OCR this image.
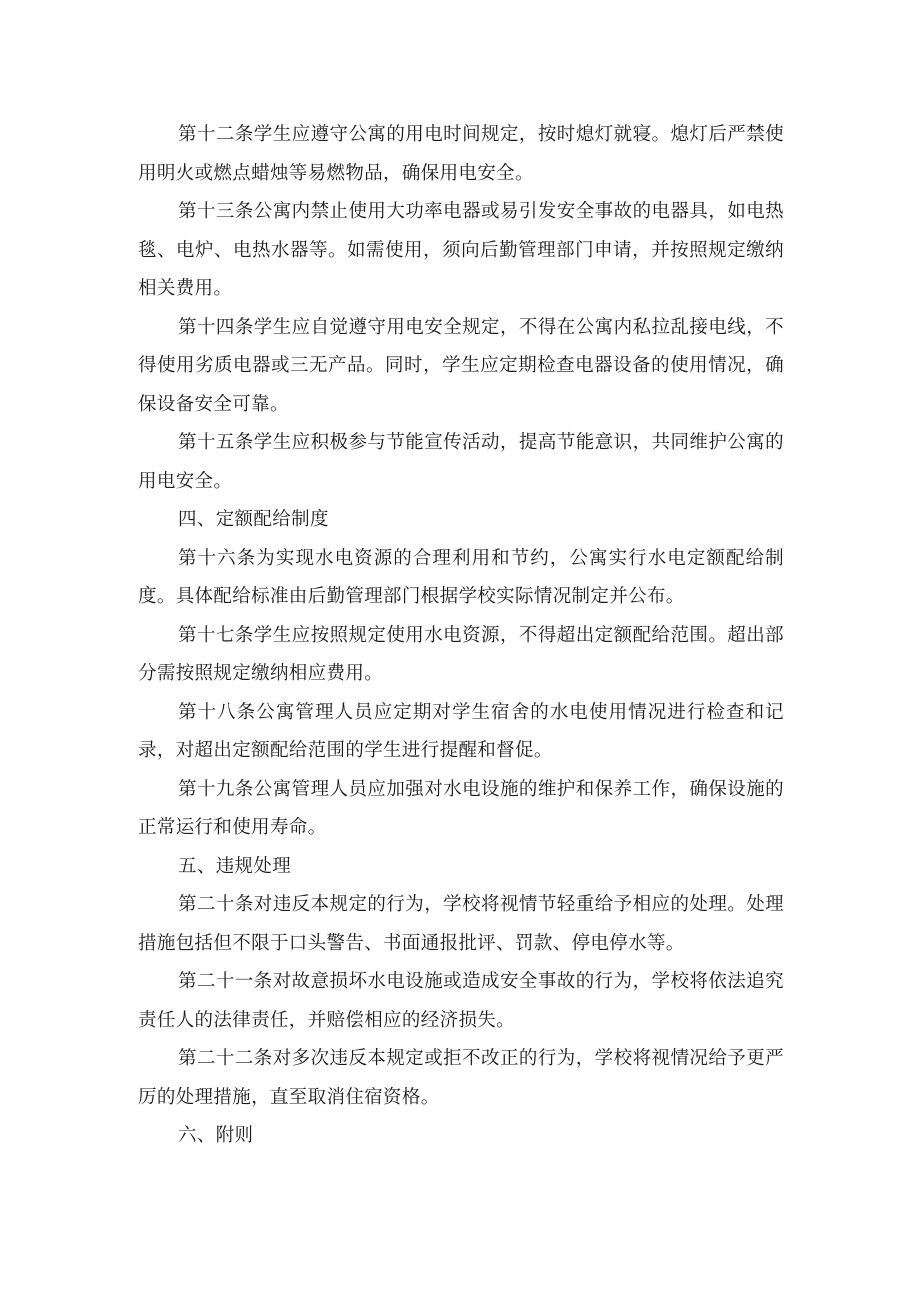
第十二条学生应遵守公寓的用电时间规定，按时熄灯就寝。熄灯后严禁使用明火或燃点蜡烛等易燃物品，确保用电安全。

第十三条公寓内禁止使用大功率电器或易引发安全事故的电器具，如电热毯、电炉、电热水器等。如需使用，须向后勤管理部门申请，并按照规定缴纳相关费用。

第十四条学生应自觉遵守用电安全规定，不得在公寓内私拉乱接电线，不得使用劣质电器或三无产品。同时，学生应定期检查电器设备的使用情况，确保设备安全可靠。

第十五条学生应积极参与节能宣传活动，提高节能意识，共同维护公寓的用电安全。

四、定额配给制度

第十六条为实现水电资源的合理利用和节约，公寓实行水电定额配给制度。具体配给标准由后勤管理部门根据学校实际情况制定并公布。

第十七条学生应按照规定使用水电资源，不得超出定额配给范围。超出部分需按照规定缴纳相应费用。

第十八条公寓管理人员应定期对学生宿舍的水电使用情况进行检查和记录，对超出定额配给范围的学生进行提醒和督促。

第十九条公寓管理人员应加强对水电设施的维护和保养工作，确保设施的正常运行和使用寿命。

五、违规处理

第二十条对违反本规定的行为，学校将视情节轻重给予相应的处理。处理措施包括但不限于口头警告、书面通报批评、罚款、停电停水等。

第二十一条对故意损坏水电设施或造成安全事故的行为，学校将依法追究责任人的法律责任，并赔偿相应的经济损失。

第二十二条对多次违反本规定或拒不改正的行为，学校将视情况给予更严厉的处理措施，直至取消住宿资格。

六、附则
